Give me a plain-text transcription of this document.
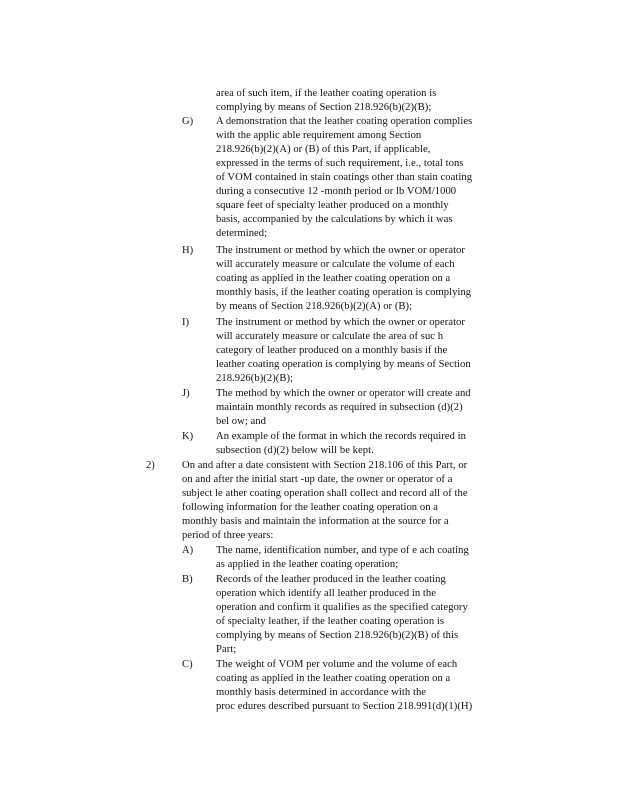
area of such item, if the leather coating operation is
complying by means of Section 218.926(b)(2)(B);
G) A demonstration that the leather coating operation complies
with the applic able requirement among Section
218.926(b)(2)(A) or (B) of this Part, if applicable,
expressed in the terms of such requirement, i.e., total tons
of VOM contained in stain coatings other than stain coating
during a consecutive 12 -month period or lb VOM/1000
square feet of specialty leather produced on a monthly
basis, accompanied by the calculations by which it was
determined;
H) The instrument or method by which the owner or operator
will accurately measure or calculate the volume of each
coating as applied in the leather coating operation on a
monthly basis, if the leather coating operation is complying
by means of Section 218.926(b)(2)(A) or (B);
I)	The instrument or method by which the owner or operator
will accurately measure or calculate the area of suc h
category of leather produced on a monthly basis if the
leather coating operation is complying by means of Section
218.926(b)(2)(B);
J) The method by which the owner or operator will create and
maintain monthly records as required in subsection (d)(2)
bel ow; and
K) An example of the format in which the records required in
subsection (d)(2) below will be kept.
2)	On and after a date consistent with Section 218.106 of this Part, or
on and after the initial start -up date, the owner or operator of a
subject le ather coating operation shall collect and record all of the
following information for the leather coating operation on a
monthly basis and maintain the information at the source for a
period of three years:
A) The name, identification number, and type of e ach coating
as applied in the leather coating operation;
B) Records of the leather produced in the leather coating
operation which identify all leather produced in the
operation and confirm it qualifies as the specified category
of specialty leather, if the leather coating operation is
complying by means of Section 218.926(b)(2)(B) of this
Part;
C) The weight of VOM per volume and the volume of each
coating as applied in the leather coating operation on a
monthly basis determined in accordance with the
proc edures described pursuant to Section 218.991(d)(1)(H)
